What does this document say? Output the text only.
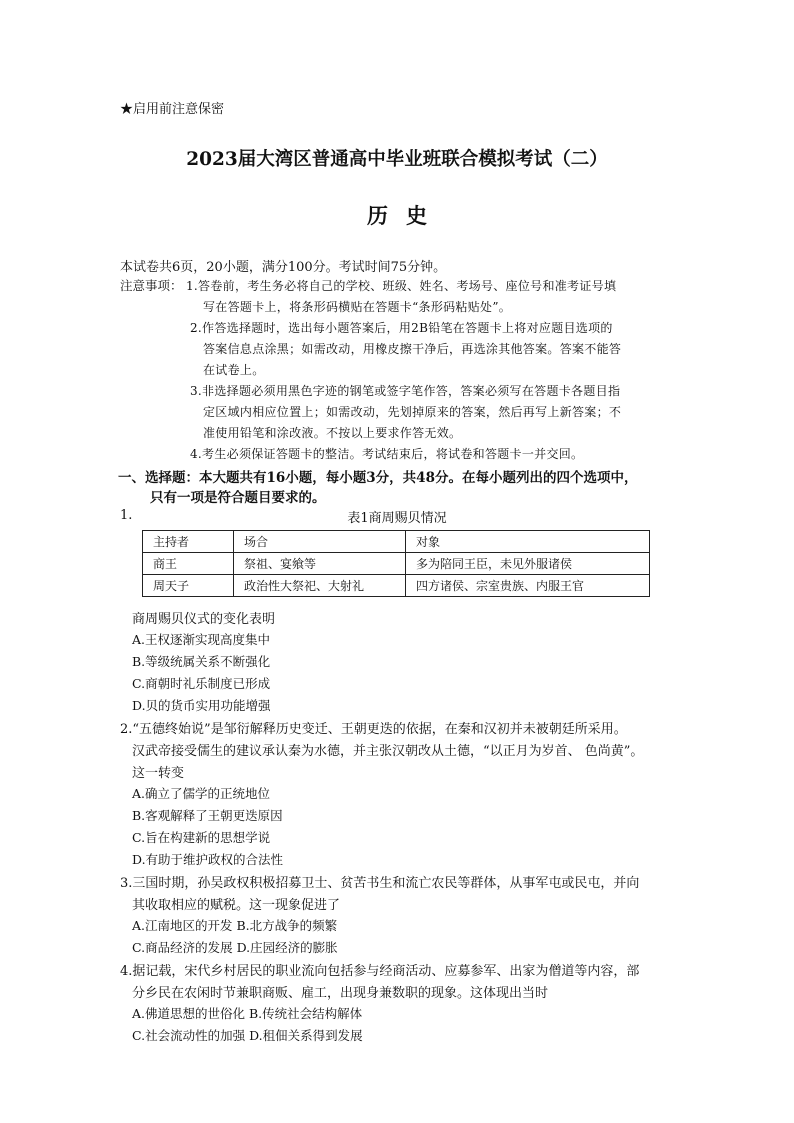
★启用前注意保密
2023届大湾区普通高中毕业班联合模拟考试（二）
历史
本试卷共6页，20小题，满分100分。考试时间75分钟。
注意事项： 1.答卷前，考生务必将自己的学校、班级、姓名、考场号、座位号和准考证号填
写在答题卡上，将条形码横贴在答题卡“条形码粘贴处”。
2.作答选择题时，选出每小题答案后，用2B铅笔在答题卡上将对应题目选项的
答案信息点涂黑；如需改动，用橡皮擦干净后，再选涂其他答案。答案不能答
在试卷上。
3.非选择题必须用黑色字迹的钢笔或签字笔作答，答案必须写在答题卡各题目指
定区域内相应位置上；如需改动，先划掉原来的答案，然后再写上新答案；不
准使用铅笔和涂改液。不按以上要求作答无效。
4.考生必须保证答题卡的整洁。考试结束后，将试卷和答题卡一并交回。
一、选择题：本大题共有16小题，每小题3分，共48分。在每小题列出的四个选项中，
只有一项是符合题目要求的。
1.	表1商周赐贝情况
主持者	场合	对象
商王	祭祖、宴飨等	多为陪同王臣，未见外服诸侯
周天子	政治性大祭祀、大射礼	四方诸侯、宗室贵族、内服王官
商周赐贝仪式的变化表明
A.王权逐渐实现高度集中
B.等级统属关系不断强化
C.商朝时礼乐制度已形成
D.贝的货币实用功能增强
2.“五德终始说”是邹衍解释历史变迁、王朝更迭的依据，在秦和汉初并未被朝廷所采用。
汉武帝接受儒生的建议承认秦为水德，并主张汉朝改从土德，“以正月为岁首、 色尚黄”。
这一转变
A.确立了儒学的正统地位
B.客观解释了王朝更迭原因
C.旨在构建新的思想学说
D.有助于维护政权的合法性
3.三国时期，孙吴政权积极招募卫士、贫苦书生和流亡农民等群体，从事军屯或民屯，并向
其收取相应的赋税。这一现象促进了
A.江南地区的开发 B.北方战争的频繁
C.商品经济的发展 D.庄园经济的膨胀
4.据记载，宋代乡村居民的职业流向包括参与经商活动、应募参军、出家为僧道等内容，部
分乡民在农闲时节兼职商贩、雇工，出现身兼数职的现象。这体现出当时
A.佛道思想的世俗化 B.传统社会结构解体
C.社会流动性的加强 D.租佃关系得到发展
